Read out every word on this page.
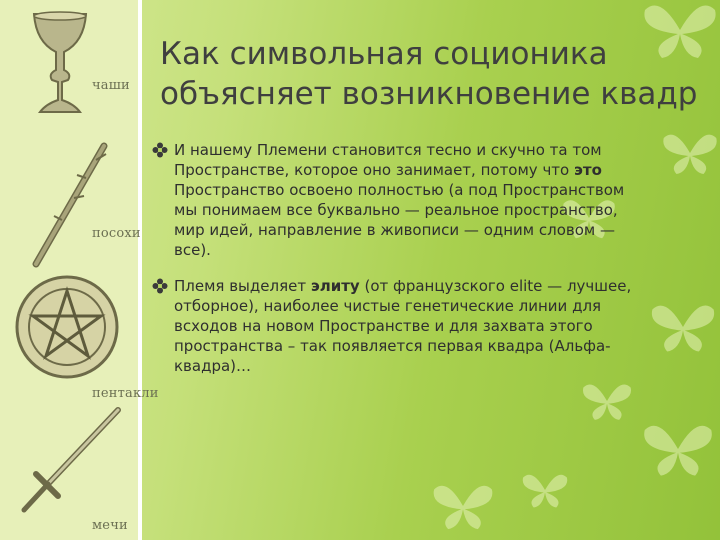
чаши
посохи
пентакли
мечи
Как символьная соционика
объясняет возникновение квадр

И нашему Племени становится тесно и скучно та том Пространстве, которое оно занимает, потому что это Пространство освоено полностью (а под Пространством мы понимаем все буквально — реальное пространство, мир идей, направление в живописи — одним словом — все).

Племя выделяет элиту (от французского elite — лучшее, отборное), наиболее чистые генетические линии для всходов на новом Пространстве и для захвата этого пространства – так появляется первая квадра (Альфа-квадра)…
